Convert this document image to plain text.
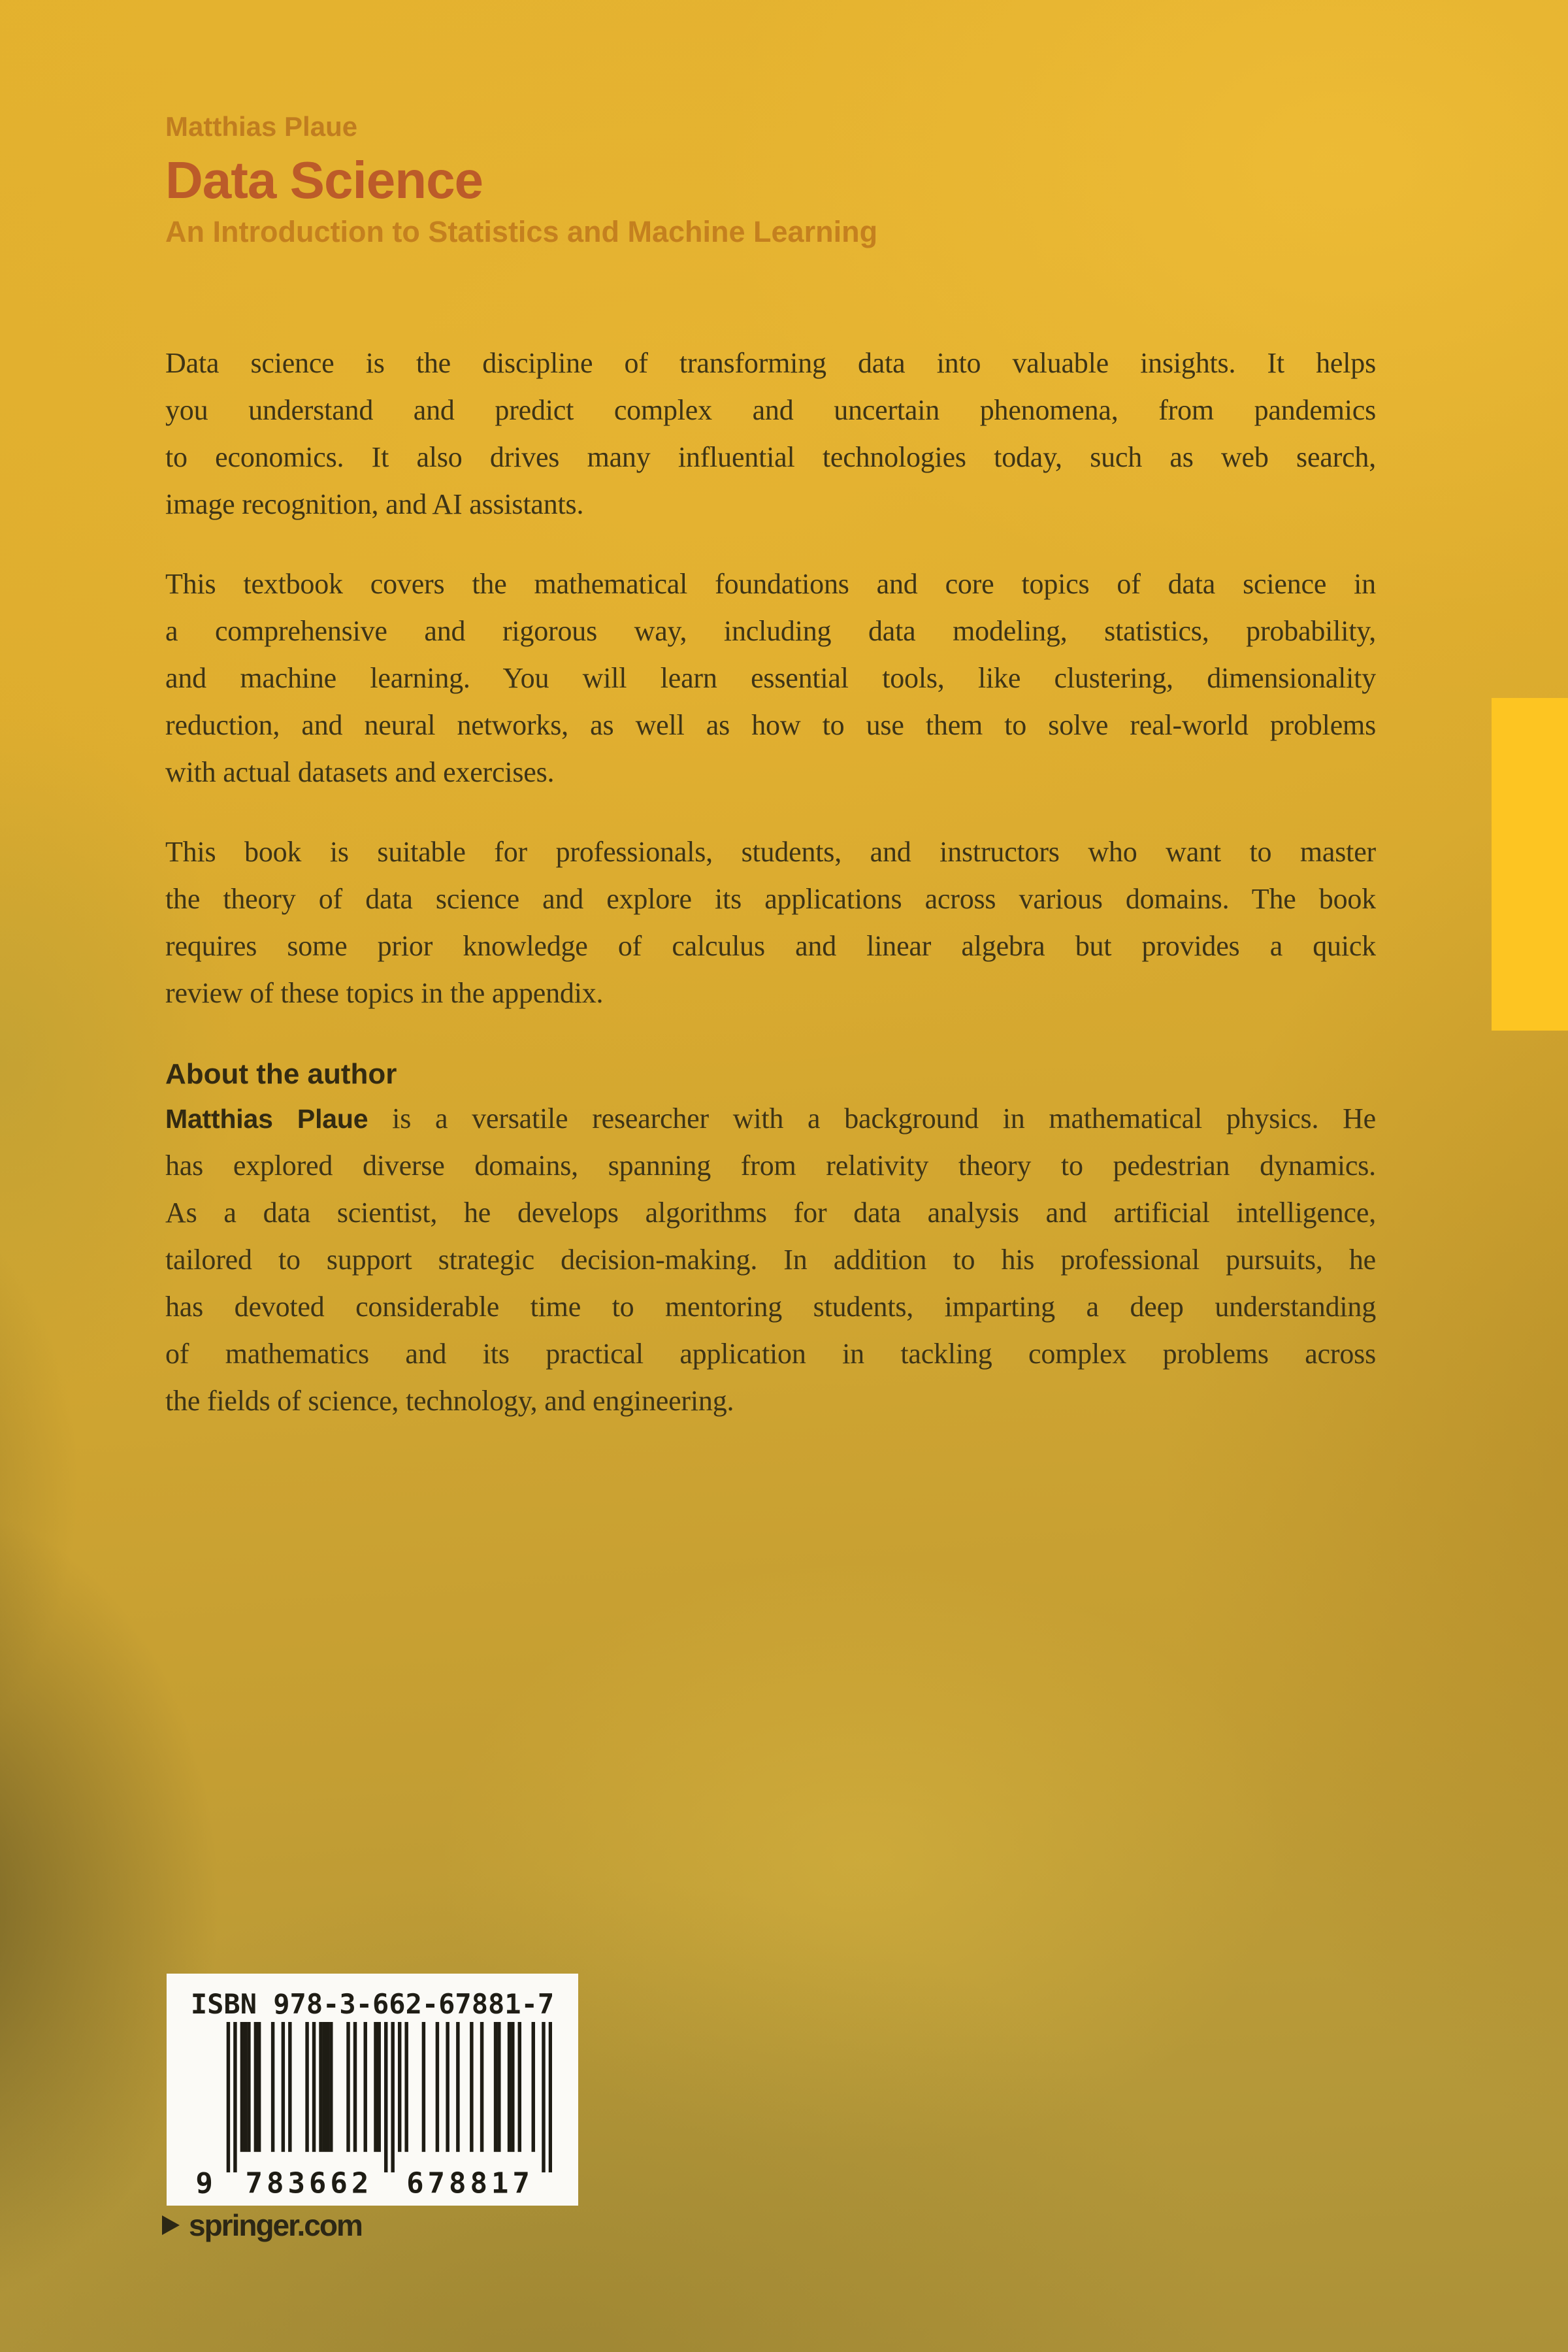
Matthias Plaue
Data Science
An Introduction to Statistics and Machine Learning
Data science is the discipline of transforming data into valuable insights. It helps
you understand and predict complex and uncertain phenomena, from pandemics
to economics. It also drives many influential technologies today, such as web search,
image recognition, and AI assistants.
This textbook covers the mathematical foundations and core topics of data science in
a comprehensive and rigorous way, including data modeling, statistics, probability,
and machine learning. You will learn essential tools, like clustering, dimensionality
reduction, and neural networks, as well as how to use them to solve real-world problems
with actual datasets and exercises.
This book is suitable for professionals, students, and instructors who want to master
the theory of data science and explore its applications across various domains. The book
requires some prior knowledge of calculus and linear algebra but provides a quick
review of these topics in the appendix.
About the author
Matthias Plaue is a versatile researcher with a background in mathematical physics. He
has explored diverse domains, spanning from relativity theory to pedestrian dynamics.
As a data scientist, he develops algorithms for data analysis and artificial intelligence,
tailored to support strategic decision-making. In addition to his professional pursuits, he
has devoted considerable time to mentoring students, imparting a deep understanding
of mathematics and its practical application in tackling complex problems across
the fields of science, technology, and engineering.
ISBN 978-3-662-67881-7
9	783662	678817
springer.com
